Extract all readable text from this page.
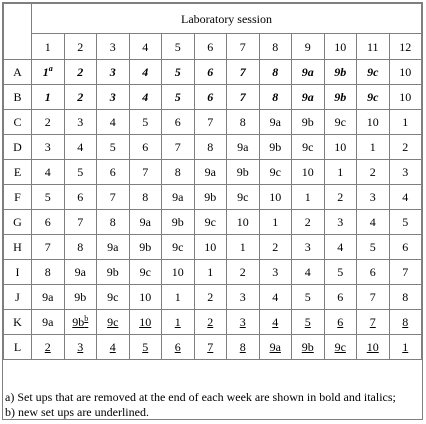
	Laboratory session											
	1	2	3	4	5	6	7	8	9	10	11	12
A	1$^a$	2	3	4	5	6	7	8	9a	9b	9c	10
B	1	2	3	4	5	6	7	8	9a	9b	9c	10
C	2	3	4	5	6	7	8	9a	9b	9c	10	1
D	3	4	5	6	7	8	9a	9b	9c	10	1	2
E	4	5	6	7	8	9a	9b	9c	10	1	2	3
F	5	6	7	8	9a	9b	9c	10	1	2	3	4
G	6	7	8	9a	9b	9c	10	1	2	3	4	5
H	7	8	9a	9b	9c	10	1	2	3	4	5	6
I	8	9a	9b	9c	10	1	2	3	4	5	6	7
J	9a	9b	9c	10	1	2	3	4	5	6	7	8
K	9a	$9b^b$	9c	10	1	2	3	4	5	6	7	8
L	2	3	4	5	6	7	8	9a	9b	9c	10	1

a) Set ups that are removed at the end of each week are shown in bold and italics;

b) new set ups are underlined.
